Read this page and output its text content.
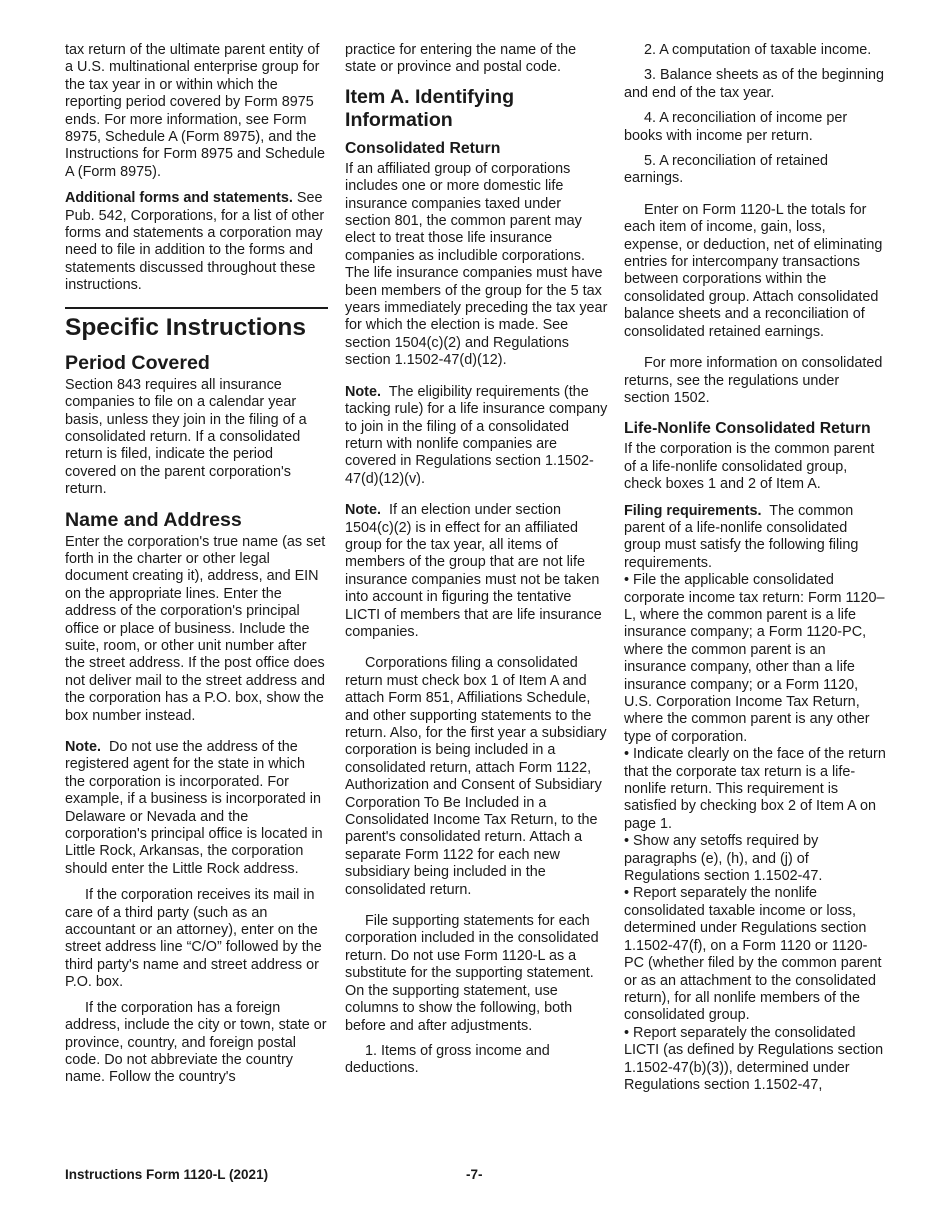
tax return of the ultimate parent entity of a U.S. multinational enterprise group for the tax year in or within which the reporting period covered by Form 8975 ends. For more information, see Form 8975, Schedule A (Form 8975), and the Instructions for Form 8975 and Schedule A (Form 8975).

Additional forms and statements. See Pub. 542, Corporations, for a list of other forms and statements a corporation may need to file in addition to the forms and statements discussed throughout these instructions.

Specific Instructions
Period Covered

Section 843 requires all insurance companies to file on a calendar year basis, unless they join in the filing of a consolidated return. If a consolidated return is filed, indicate the period covered on the parent corporation's return.

Name and Address

Enter the corporation's true name (as set forth in the charter or other legal document creating it), address, and EIN on the appropriate lines. Enter the address of the corporation's principal office or place of business. Include the suite, room, or other unit number after the street address. If the post office does not deliver mail to the street address and the corporation has a P.O. box, show the box number instead.

Note. Do not use the address of the registered agent for the state in which the corporation is incorporated. For example, if a business is incorporated in Delaware or Nevada and the corporation's principal office is located in Little Rock, Arkansas, the corporation should enter the Little Rock address.

If the corporation receives its mail in care of a third party (such as an accountant or an attorney), enter on the street address line “C/O” followed by the third party's name and street address or P.O. box.

If the corporation has a foreign address, include the city or town, state or province, country, and foreign postal code. Do not abbreviate the country name. Follow the country's

practice for entering the name of the state or province and postal code.

Item A. Identifying Information
Consolidated Return

If an affiliated group of corporations includes one or more domestic life insurance companies taxed under section 801, the common parent may elect to treat those life insurance companies as includible corporations. The life insurance companies must have been members of the group for the 5 tax years immediately preceding the tax year for which the election is made. See section 1504(c)(2) and Regulations section 1.1502-47(d)(12).

Note. The eligibility requirements (the tacking rule) for a life insurance company to join in the filing of a consolidated return with nonlife companies are covered in Regulations section 1.1502-47(d)(12)(v).

Note. If an election under section 1504(c)(2) is in effect for an affiliated group for the tax year, all items of members of the group that are not life insurance companies must not be taken into account in figuring the tentative LICTI of members that are life insurance companies.

Corporations filing a consolidated return must check box 1 of Item A and attach Form 851, Affiliations Schedule, and other supporting statements to the return. Also, for the first year a subsidiary corporation is being included in a consolidated return, attach Form 1122, Authorization and Consent of Subsidiary Corporation To Be Included in a Consolidated Income Tax Return, to the parent's consolidated return. Attach a separate Form 1122 for each new subsidiary being included in the consolidated return.

File supporting statements for each corporation included in the consolidated return. Do not use Form 1120-L as a substitute for the supporting statement. On the supporting statement, use columns to show the following, both before and after adjustments.

1. Items of gross income and deductions.

2. A computation of taxable income.

3. Balance sheets as of the beginning and end of the tax year.

4. A reconciliation of income per books with income per return.

5. A reconciliation of retained earnings.

Enter on Form 1120-L the totals for each item of income, gain, loss, expense, or deduction, net of eliminating entries for intercompany transactions between corporations within the consolidated group. Attach consolidated balance sheets and a reconciliation of consolidated retained earnings.

For more information on consolidated returns, see the regulations under section 1502.

Life-Nonlife Consolidated Return

If the corporation is the common parent of a life-nonlife consolidated group, check boxes 1 and 2 of Item A.

Filing requirements. The common parent of a life-nonlife consolidated group must satisfy the following filing requirements.

• File the applicable consolidated corporate income tax return: Form 1120–L, where the common parent is a life insurance company; a Form 1120-PC, where the common parent is an insurance company, other than a life insurance company; or a Form 1120, U.S. Corporation Income Tax Return, where the common parent is any other type of corporation.

• Indicate clearly on the face of the return that the corporate tax return is a life-nonlife return. This requirement is satisfied by checking box 2 of Item A on page 1.

• Show any setoffs required by paragraphs (e), (h), and (j) of Regulations section 1.1502-47.

• Report separately the nonlife consolidated taxable income or loss, determined under Regulations section 1.1502-47(f), on a Form 1120 or 1120-PC (whether filed by the common parent or as an attachment to the consolidated return), for all nonlife members of the consolidated group.

• Report separately the consolidated LICTI (as defined by Regulations section 1.1502-47(b)(3)), determined under Regulations section 1.1502-47,

Instructions Form 1120-L (2021)	-7-
